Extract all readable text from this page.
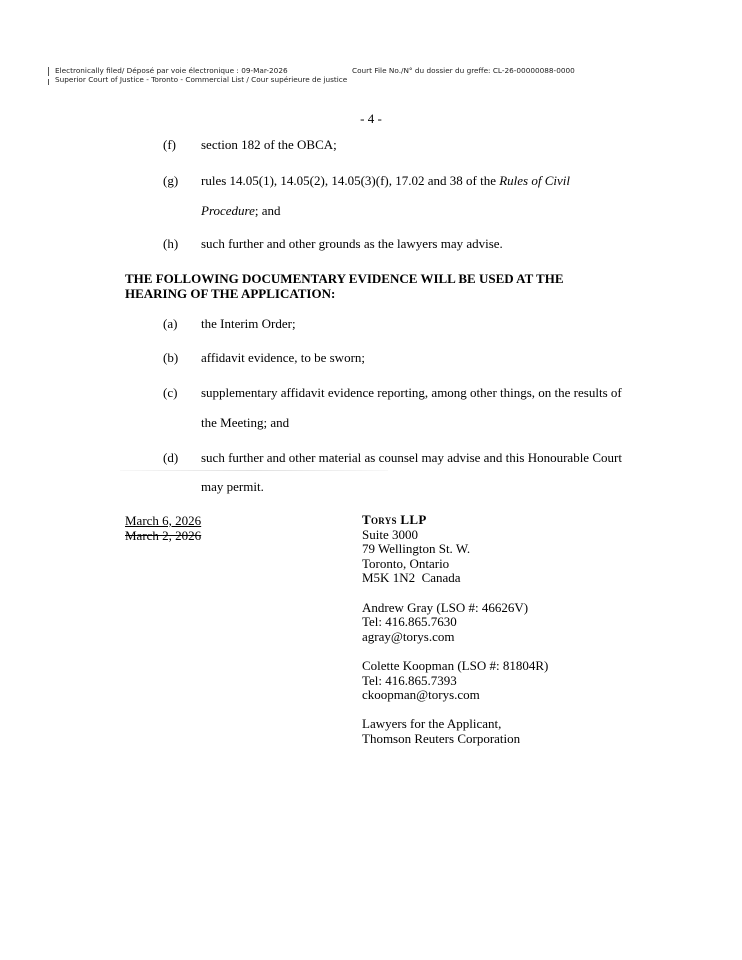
Electronically filed/ Déposé par voie électronique : 09-Mar-2026	Court File No./N° du dossier du greffe: CL-26-00000088-0000
Superior Court of Justice - Toronto - Commercial List / Cour supérieure de justice
- 4 -
(f) section 182 of the OBCA;
(g) rules 14.05(1), 14.05(2), 14.05(3)(f), 17.02 and 38 of the Rules of Civil
Procedure; and
(h) such further and other grounds as the lawyers may advise.
THE FOLLOWING DOCUMENTARY EVIDENCE WILL BE USED AT THE
HEARING OF THE APPLICATION:
(a) the Interim Order;
(b) affidavit evidence, to be sworn;
(c) supplementary affidavit evidence reporting, among other things, on the results of
the Meeting; and
(d) such further and other material as counsel may advise and this Honourable Court
may permit.
March 6, 2026
March 2, 2026
Torys LLP
Suite 3000
79 Wellington St. W.
Toronto, Ontario
M5K 1N2  Canada
Andrew Gray (LSO #: 46626V)
Tel: 416.865.7630
agray@torys.com
Colette Koopman (LSO #: 81804R)
Tel: 416.865.7393
ckoopman@torys.com
Lawyers for the Applicant,
Thomson Reuters Corporation
